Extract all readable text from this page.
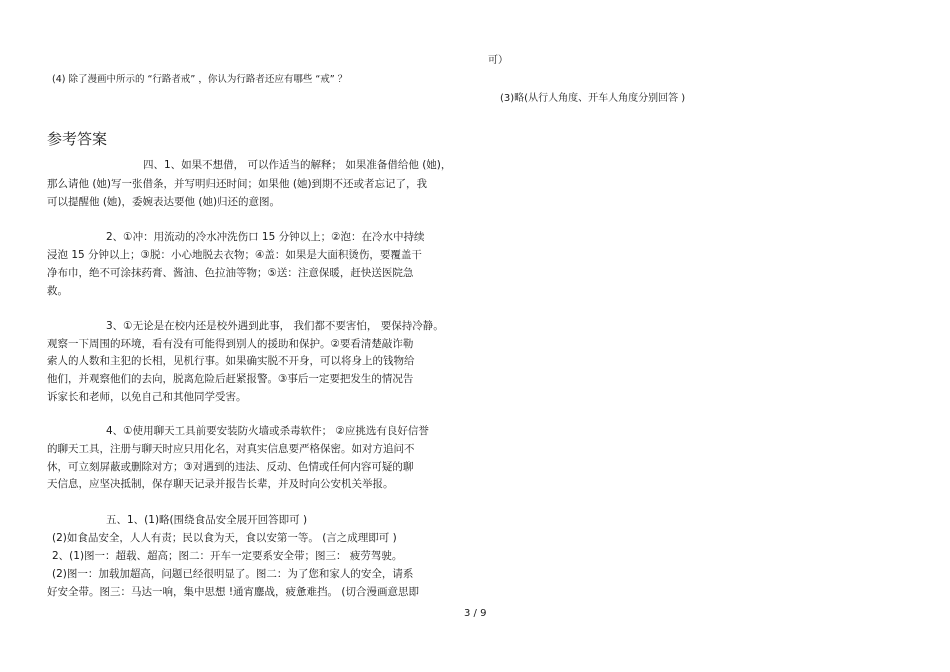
可）
(3)略(从行人角度、开车人角度分别回答 )
(4) 除了漫画中所示的 “行路者戒” ，你认为行路者还应有哪些 “戒” ？
参考答案
四、1、如果不想借， 可以作适当的解释； 如果准备借给他 (她)，
那么请他 (她)写一张借条，并写明归还时间；如果他 (她)到期不还或者忘记了，我
可以提醒他 (她)，委婉表达要他 (她)归还的意图。
2、①冲：用流动的冷水冲洗伤口 15 分钟以上；②泡：在冷水中持续
浸泡 15 分钟以上；③脱：小心地脱去衣物；④盖：如果是大面积烫伤，要覆盖干
净布巾，绝不可涂抹药膏、酱油、色拉油等物；⑤送：注意保暖，赶快送医院急
救。
3、①无论是在校内还是校外遇到此事， 我们都不要害怕， 要保持冷静。
观察一下周围的环境，看有没有可能得到别人的援助和保护。②要看清楚敲诈勒
索人的人数和主犯的长相，见机行事。如果确实脱不开身，可以将身上的钱物给
他们，并观察他们的去向，脱离危险后赶紧报警。③事后一定要把发生的情况告
诉家长和老师，以免自己和其他同学受害。
4、①使用聊天工具前要安装防火墙或杀毒软件； ②应挑选有良好信誉
的聊天工具，注册与聊天时应只用化名，对真实信息要严格保密。如对方追问不
休，可立刻屏蔽或删除对方；③对遇到的违法、反动、色情或任何内容可疑的聊
天信息，应坚决抵制，保存聊天记录并报告长辈，并及时向公安机关举报。
五、1、(1)略(围绕食品安全展开回答即可 )
(2)如食品安全，人人有责；民以食为天，食以安第一等。 (言之成理即可 )
2、(1)图一：超载、超高；图二：开车一定要系安全带；图三： 疲劳驾驶。
(2)图一：加载加超高，问题已经很明显了。图二：为了您和家人的安全，请系
好安全带。图三：马达一响，集中思想 !通宵鏖战，疲惫难挡。 (切合漫画意思即
3 / 9
